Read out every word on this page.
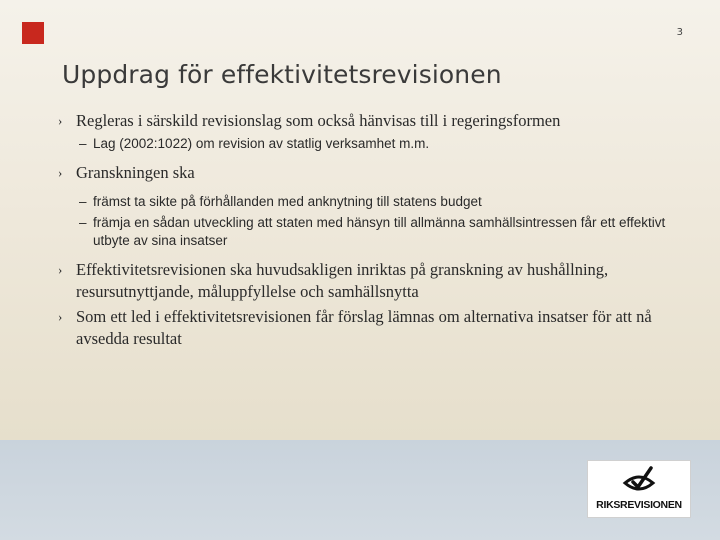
3
Uppdrag för effektivitetsrevisionen
› Regleras i särskild revisionslag som också hänvisas till i regeringsformen
– Lag (2002:1022) om revision av statlig verksamhet m.m.
› Granskningen ska
– främst ta sikte på förhållanden med anknytning till statens budget
– främja en sådan utveckling att staten med hänsyn till allmänna samhällsintressen får ett effektivt utbyte av sina insatser
› Effektivitetsrevisionen ska huvudsakligen inriktas på granskning av hushållning, resursutnyttjande, måluppfyllelse och samhällsnytta
› Som ett led i effektivitetsrevisionen får förslag lämnas om alternativa insatser för att nå avsedda resultat
RIKSREVISIONEN
